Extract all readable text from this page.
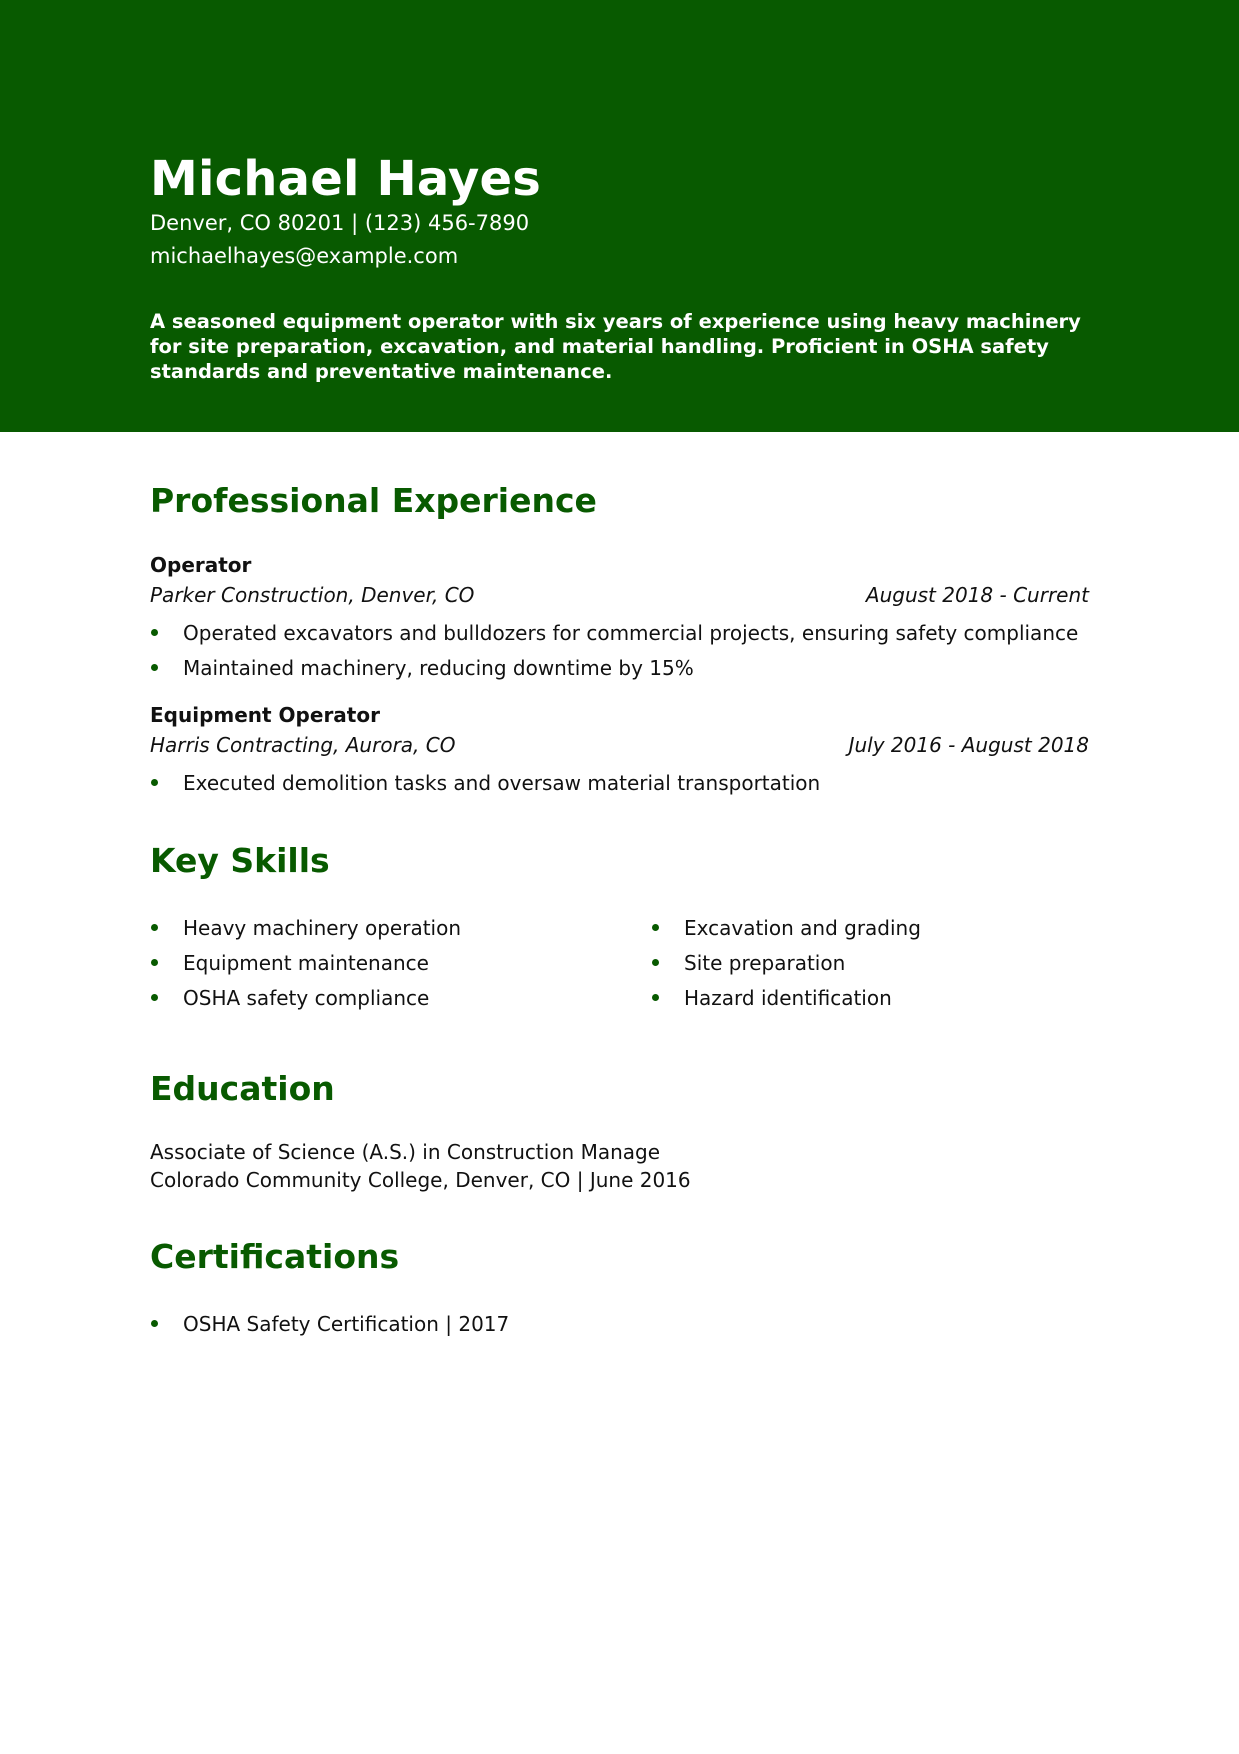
Michael Hayes
Denver, CO 80201 | (123) 456-7890
michaelhayes@example.com
A seasoned equipment operator with six years of experience using heavy machinery for site preparation, excavation, and material handling. Proficient in OSHA safety standards and preventative maintenance.
Professional Experience
Operator
Parker Construction, Denver, CO	August 2018 - Current
Operated excavators and bulldozers for commercial projects, ensuring safety compliance
Maintained machinery, reducing downtime by 15%
Equipment Operator
Harris Contracting, Aurora, CO	July 2016 - August 2018
Executed demolition tasks and oversaw material transportation
Key Skills
Heavy machinery operation
Equipment maintenance
OSHA safety compliance
Excavation and grading
Site preparation
Hazard identification
Education
Associate of Science (A.S.) in Construction Manage
Colorado Community College, Denver, CO | June 2016
Certifications
OSHA Safety Certification | 2017
